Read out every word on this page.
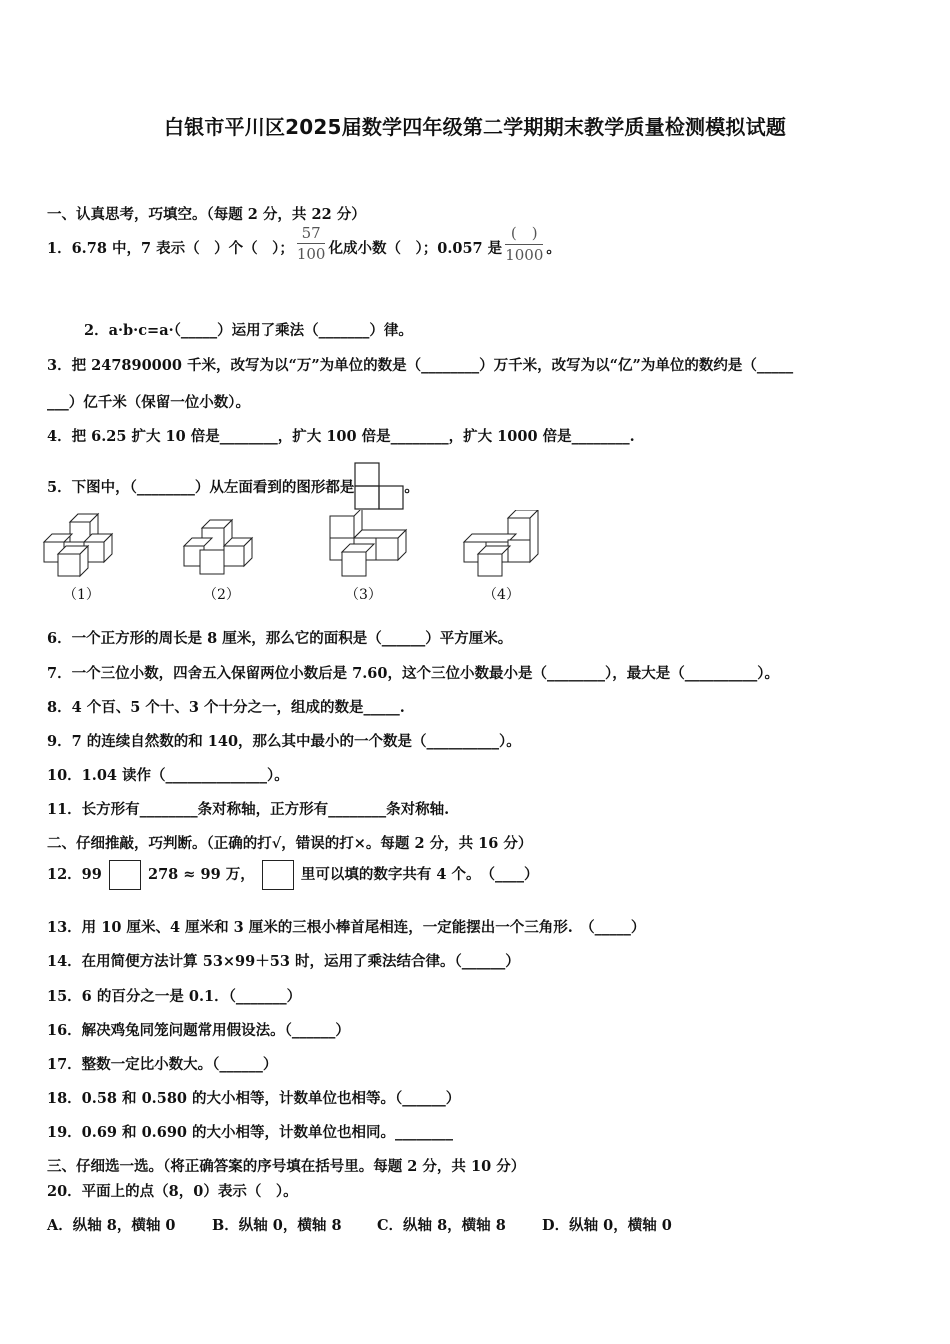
白银市平川区2025届数学四年级第二学期期末教学质量检测模拟试题
一、认真思考，巧填空。（每题 2 分，共 22 分）
1．6.78 中，7 表示（　）个（　）； $\frac{57}{100}$ 化成小数（　）；0.057 是 $\frac{( )}{1000}$ 。
2．a·b·c=a·（_____）运用了乘法（_______）律。
3．把 247890000 千米，改写为以“万”为单位的数是（________）万千米，改写为以“亿”为单位的数约是（_____
___）亿千米（保留一位小数）。
4．把 6.25 扩大 10 倍是________，扩大 100 倍是________，扩大 1000 倍是________.
5．下图中，（________）从左面看到的图形都是	。
（1）	（2）	（3）	（4）
6．一个正方形的周长是 8 厘米，那么它的面积是（______）平方厘米。
7．一个三位小数，四舍五入保留两位小数后是 7.60，这个三位小数最小是（________），最大是（__________）。
8．4 个百、5 个十、3 个十分之一，组成的数是_____.
9．7 的连续自然数的和 140，那么其中最小的一个数是（__________）。
10．1.04 读作（______________）。
11．长方形有________条对称轴，正方形有________条对称轴.
二、仔细推敲，巧判断。（正确的打√，错误的打×。每题 2 分，共 16 分）
12．99	278 ≈ 99 万，	里可以填的数字共有 4 个。　（____）
13．用 10 厘米、4 厘米和 3 厘米的三根小棒首尾相连，一定能摆出一个三角形.　（_____）
14．在用简便方法计算 53×99＋53 时，运用了乘法结合律。（______）
15．6 的百分之一是 0.1．（_______）
16．解决鸡兔同笼问题常用假设法。（______）
17．整数一定比小数大。（______）
18．0.58 和 0.580 的大小相等，计数单位也相等。（______）
19．0.69 和 0.690 的大小相等，计数单位也相同。________
三、仔细选一选。（将正确答案的序号填在括号里。每题 2 分，共 10 分）
20．平面上的点（8，0）表示（　）。
A．纵轴 8，横轴 0	B．纵轴 0，横轴 8 C．纵轴 8，横轴 8 D．纵轴 0，横轴 0
